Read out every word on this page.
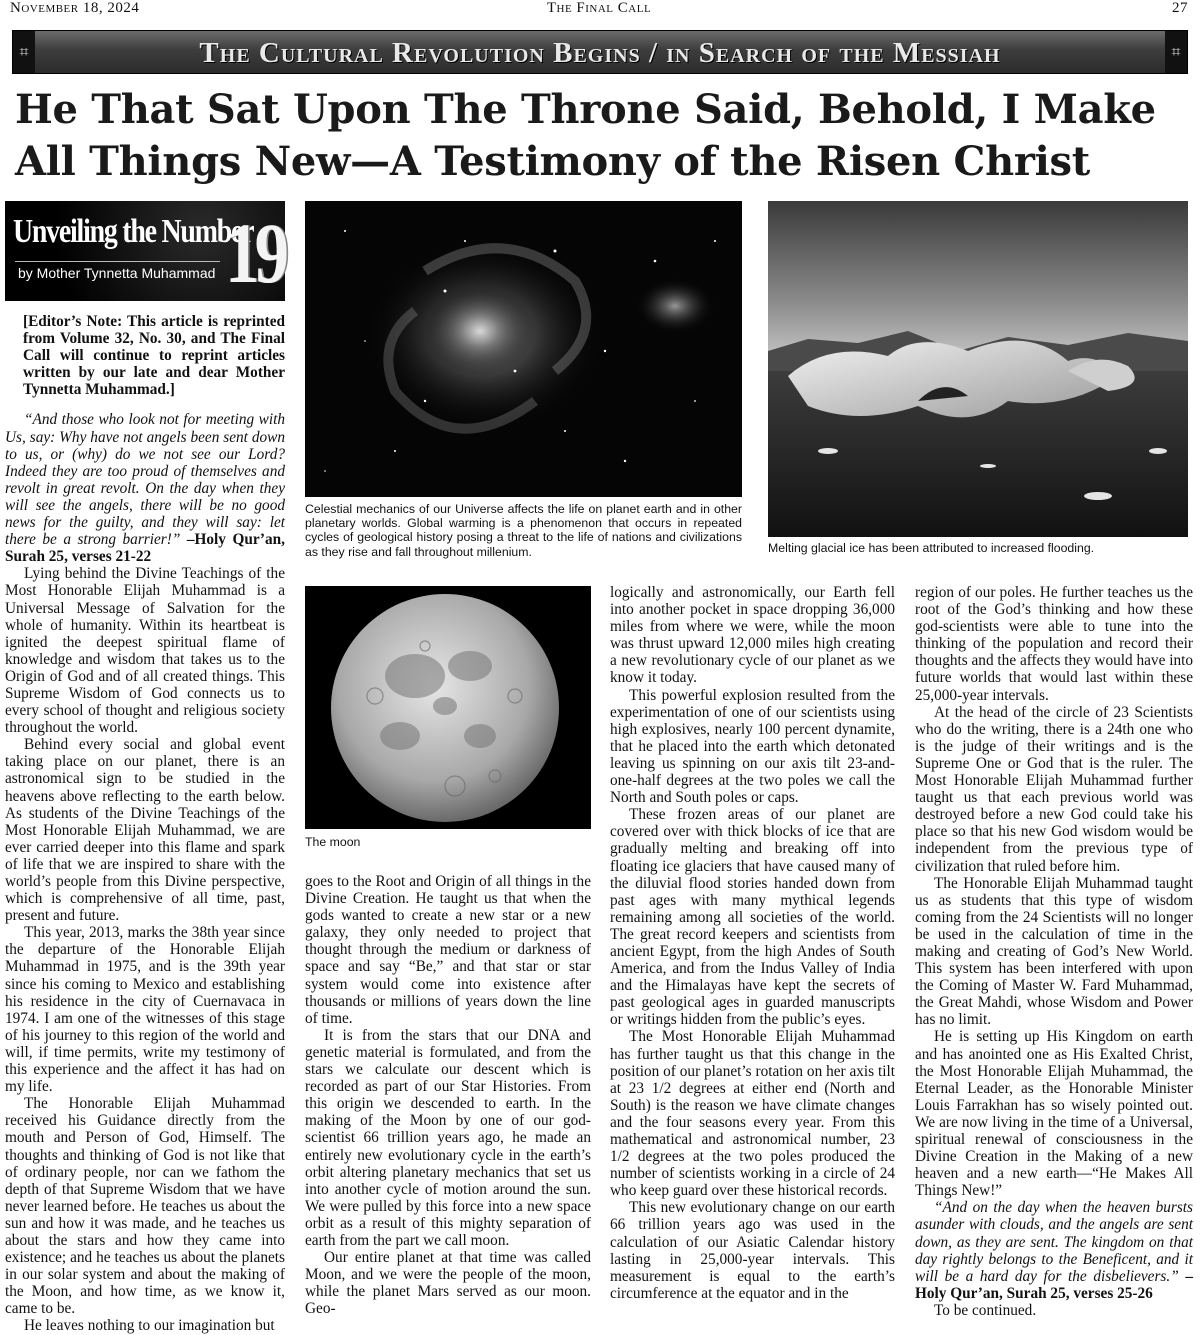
November 18, 2024	The Final Call	27
⌗	The Cultural Revolution Begins / in Search of the Messiah	⌗
He That Sat Upon The Throne Said, Behold, I Make
All Things New—A Testimony of the Risen Christ
Unveiling the Number
by Mother Tynnetta Muhammad 19

[Editor’s Note: This article is reprinted from Volume 32, No. 30, and The Final Call will continue to reprint articles written by our late and dear Mother Tynnetta Muhammad.]

“And those who look not for meeting with Us, say: Why have not angels been sent down to us, or (why) do we not see our Lord? Indeed they are too proud of themselves and revolt in great revolt. On the day when they will see the angels, there will be no good news for the guilty, and they will say: let there be a strong barrier!” –Holy Qur’an, Surah 25, verses 21-22

Lying behind the Divine Teachings of the Most Honorable Elijah Muhammad is a Universal Message of Salvation for the whole of humanity. Within its heartbeat is ignited the deepest spiritual flame of knowledge and wisdom that takes us to the Origin of God and of all created things. This Supreme Wisdom of God connects us to every school of thought and religious society throughout the world.

Behind every social and global event taking place on our planet, there is an astronomical sign to be studied in the heavens above reflecting to the earth below. As students of the Divine Teachings of the Most Honorable Elijah Muhammad, we are ever carried deeper into this flame and spark of life that we are inspired to share with the world’s people from this Divine perspective, which is comprehensive of all time, past, present and future.

This year, 2013, marks the 38th year since the departure of the Honorable Elijah Muhammad in 1975, and is the 39th year since his coming to Mexico and establishing his residence in the city of Cuernavaca in 1974. I am one of the witnesses of this stage of his journey to this region of the world and will, if time permits, write my testimony of this experience and the affect it has had on my life.

The Honorable Elijah Muhammad received his Guidance directly from the mouth and Person of God, Himself. The thoughts and thinking of God is not like that of ordinary people, nor can we fathom the depth of that Supreme Wisdom that we have never learned before. He teaches us about the sun and how it was made, and he teaches us about the stars and how they came into existence; and he teaches us about the planets in our solar system and about the making of the Moon, and how time, as we know it, came to be.

He leaves nothing to our imagination but

Celestial mechanics of our Universe affects the life on planet earth and in other planetary worlds. Global warming is a phenomenon that occurs in repeated cycles of geological history posing a threat to the life of nations and civilizations as they rise and fall throughout millenium.	Melting glacial ice has been attributed to increased flooding.
The moon

goes to the Root and Origin of all things in the Divine Creation. He taught us that when the gods wanted to create a new star or a new galaxy, they only needed to project that thought through the medium or darkness of space and say “Be,” and that star or star system would come into existence after thousands or millions of years down the line of time.

It is from the stars that our DNA and genetic material is formulated, and from the stars we calculate our descent which is recorded as part of our Star Histories. From this origin we descended to earth. In the making of the Moon by one of our god-scientist 66 trillion years ago, he made an entirely new evolutionary cycle in the earth’s orbit altering planetary mechanics that set us into another cycle of motion around the sun. We were pulled by this force into a new space orbit as a result of this mighty separation of earth from the part we call moon.

Our entire planet at that time was called Moon, and we were the people of the moon, while the planet Mars served as our moon. Geo-

logically and astronomically, our Earth fell into another pocket in space dropping 36,000 miles from where we were, while the moon was thrust upward 12,000 miles high creating a new revolutionary cycle of our planet as we know it today.

This powerful explosion resulted from the experimentation of one of our scientists using high explosives, nearly 100 percent dynamite, that he placed into the earth which detonated leaving us spinning on our axis tilt 23-and-one-half degrees at the two poles we call the North and South poles or caps.

These frozen areas of our planet are covered over with thick blocks of ice that are gradually melting and breaking off into floating ice glaciers that have caused many of the diluvial flood stories handed down from past ages with many mythical legends remaining among all societies of the world. The great record keepers and scientists from ancient Egypt, from the high Andes of South America, and from the Indus Valley of India and the Himalayas have kept the secrets of past geological ages in guarded manuscripts or writings hidden from the public’s eyes.

The Most Honorable Elijah Muhammad has further taught us that this change in the position of our planet’s rotation on her axis tilt at 23 1/2 degrees at either end (North and South) is the reason we have climate changes and the four seasons every year. From this mathematical and astronomical number, 23 1/2 degrees at the two poles produced the number of scientists working in a circle of 24 who keep guard over these historical records.

This new evolutionary change on our earth 66 trillion years ago was used in the calculation of our Asiatic Calendar history lasting in 25,000-year intervals. This measurement is equal to the earth’s circumference at the equator and in the

region of our poles. He further teaches us the root of the God’s thinking and how these god-scientists were able to tune into the thinking of the population and record their thoughts and the affects they would have into future worlds that would last within these 25,000-year intervals.

At the head of the circle of 23 Scientists who do the writing, there is a 24th one who is the judge of their writings and is the Supreme One or God that is the ruler. The Most Honorable Elijah Muhammad further taught us that each previous world was destroyed before a new God could take his place so that his new God wisdom would be independent from the previous type of civilization that ruled before him.

The Honorable Elijah Muhammad taught us as students that this type of wisdom coming from the 24 Scientists will no longer be used in the calculation of time in the making and creating of God’s New World. This system has been interfered with upon the Coming of Master W. Fard Muhammad, the Great Mahdi, whose Wisdom and Power has no limit.

He is setting up His Kingdom on earth and has anointed one as His Exalted Christ, the Most Honorable Elijah Muhammad, the Eternal Leader, as the Honorable Minister Louis Farrakhan has so wisely pointed out. We are now living in the time of a Universal, spiritual renewal of consciousness in the Divine Creation in the Making of a new heaven and a new earth—“He Makes All Things New!”

“And on the day when the heaven bursts asunder with clouds, and the angels are sent down, as they are sent. The kingdom on that day rightly belongs to the Beneficent, and it will be a hard day for the disbelievers.” –Holy Qur’an, Surah 25, verses 25-26

To be continued.
